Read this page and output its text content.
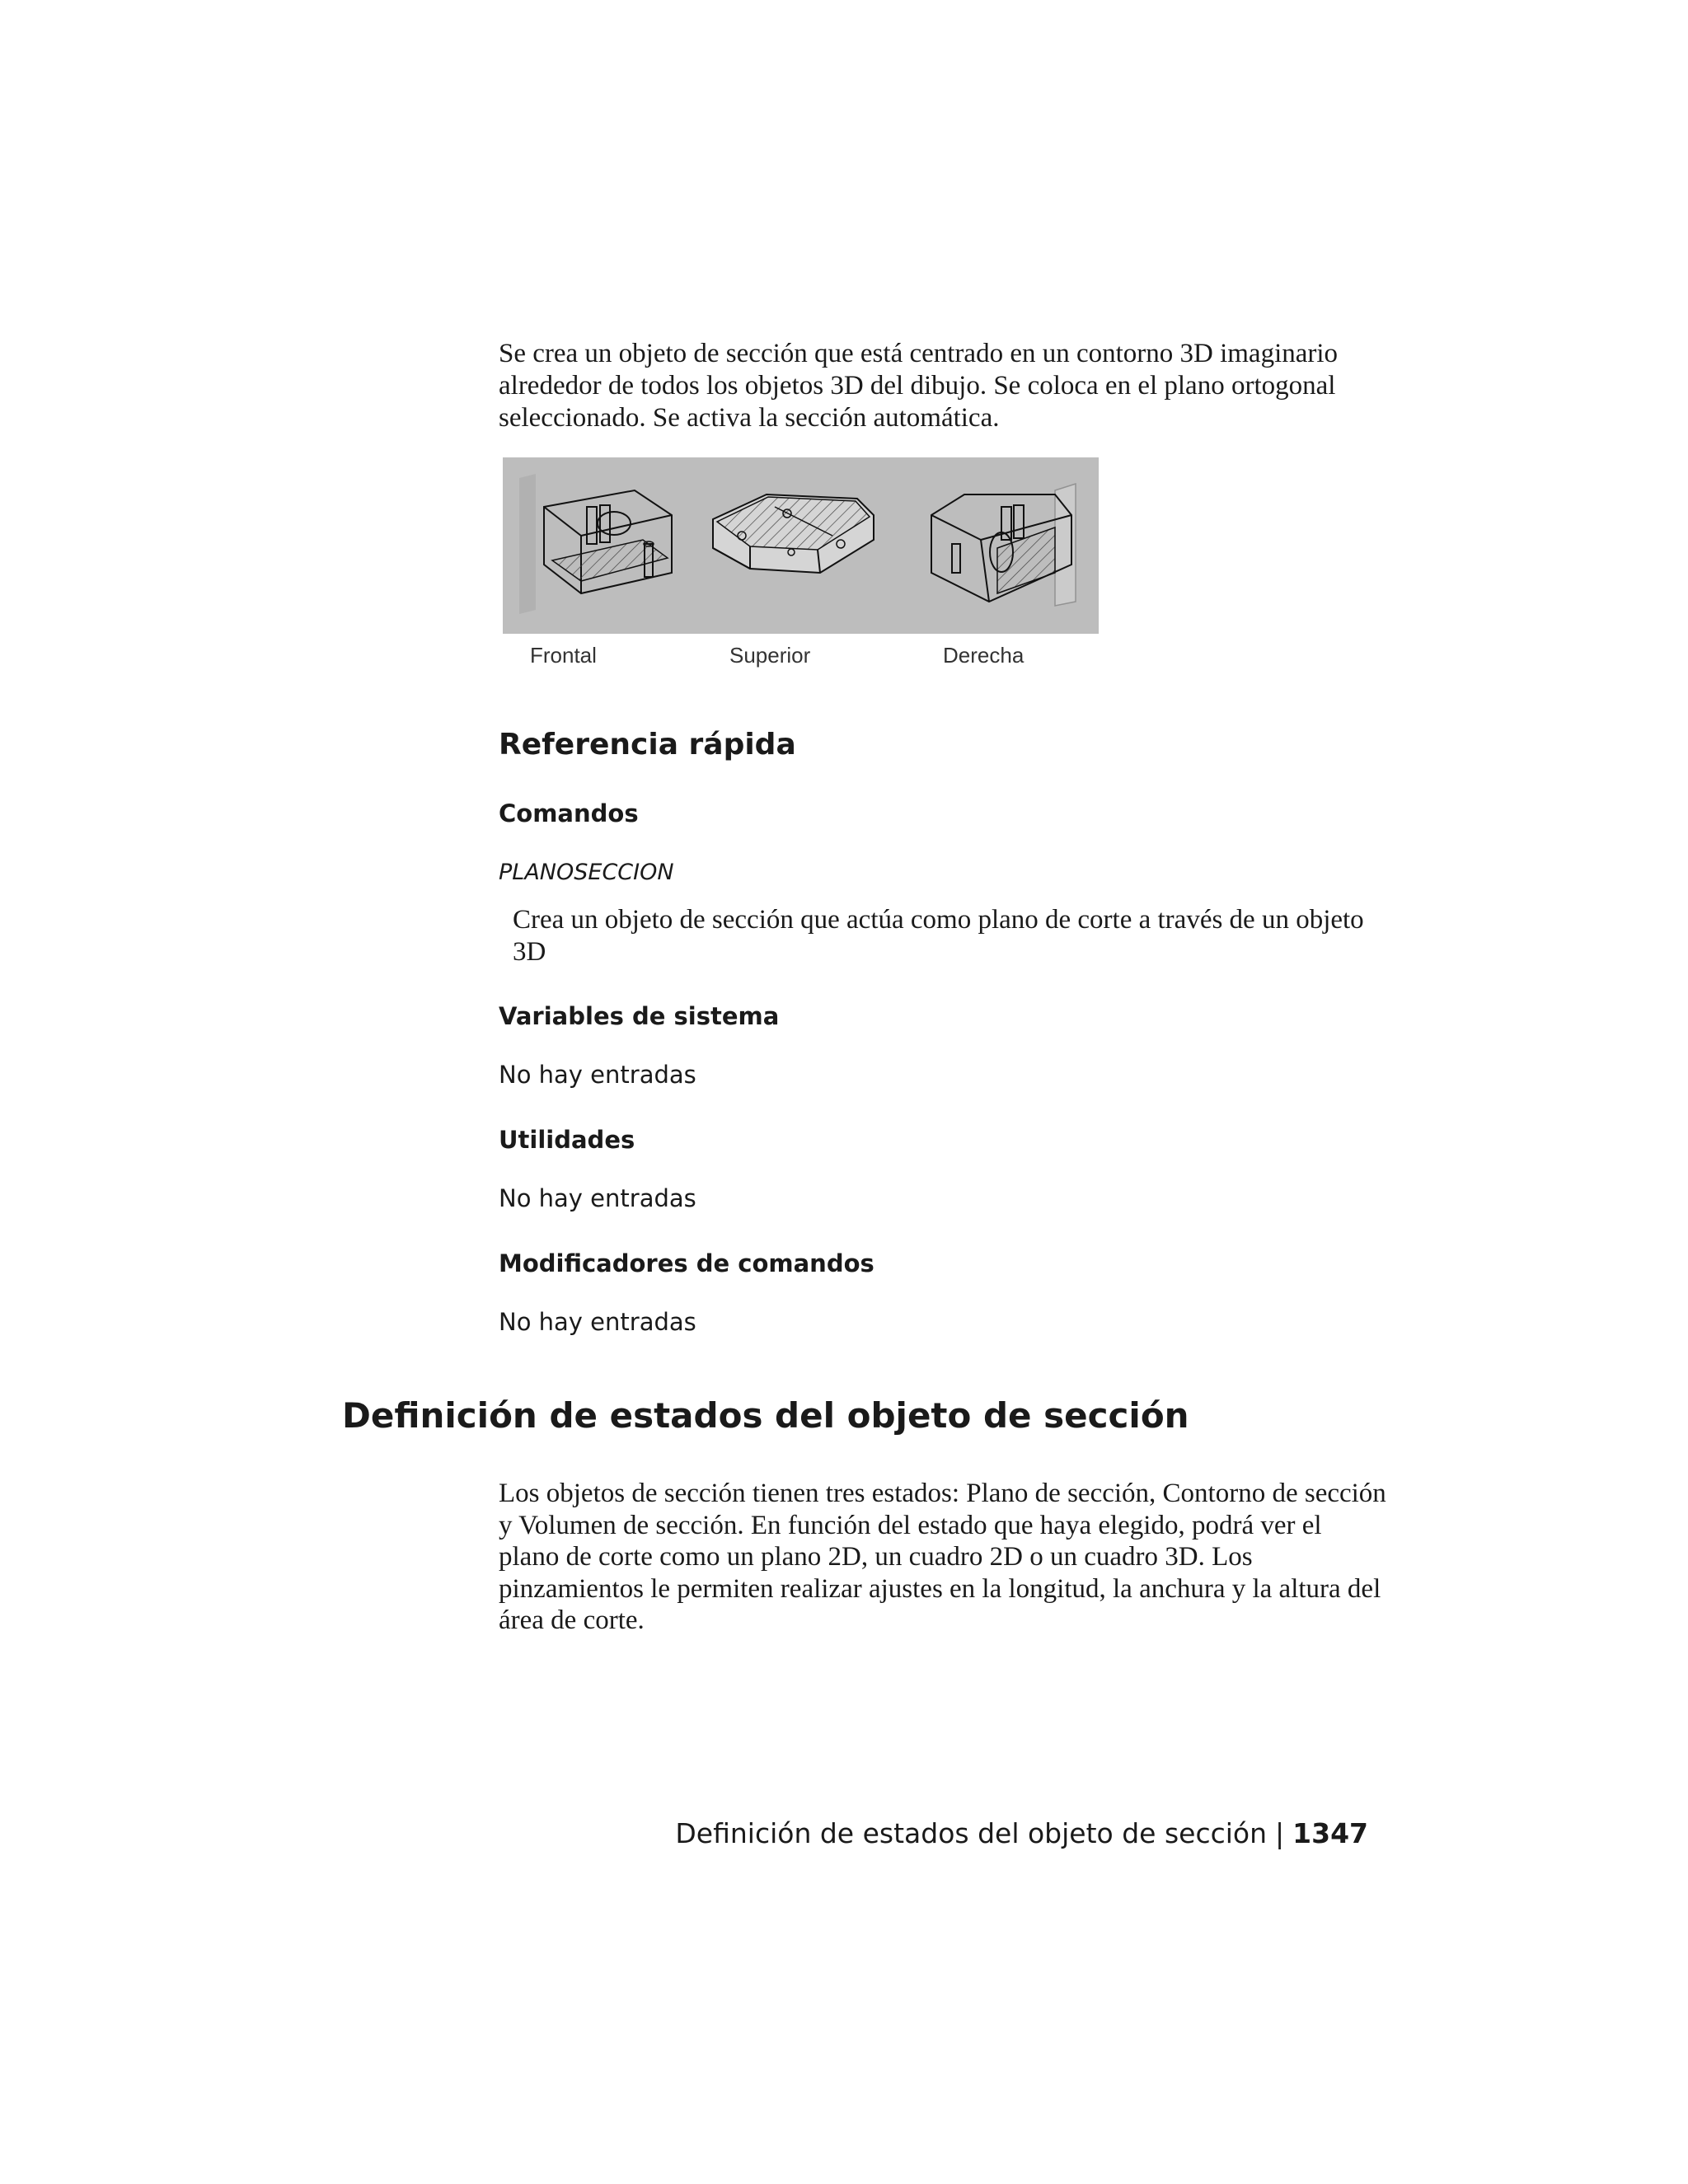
Se crea un objeto de sección que está centrado en un contorno 3D imaginario alrededor de todos los objetos 3D del dibujo. Se coloca en el plano ortogonal seleccionado. Se activa la sección automática.

Frontal	Superior	Derecha
Referencia rápida
Comandos

PLANOSECCION

Crea un objeto de sección que actúa como plano de corte a través de un objeto 3D

Variables de sistema

No hay entradas

Utilidades

No hay entradas

Modificadores de comandos

No hay entradas

Definición de estados del objeto de sección

Los objetos de sección tienen tres estados: Plano de sección, Contorno de sección y Volumen de sección. En función del estado que haya elegido, podrá ver el plano de corte como un plano 2D, un cuadro 2D o un cuadro 3D. Los pinzamientos le permiten realizar ajustes en la longitud, la anchura y la altura del área de corte.

Definición de estados del objeto de sección | 1347
